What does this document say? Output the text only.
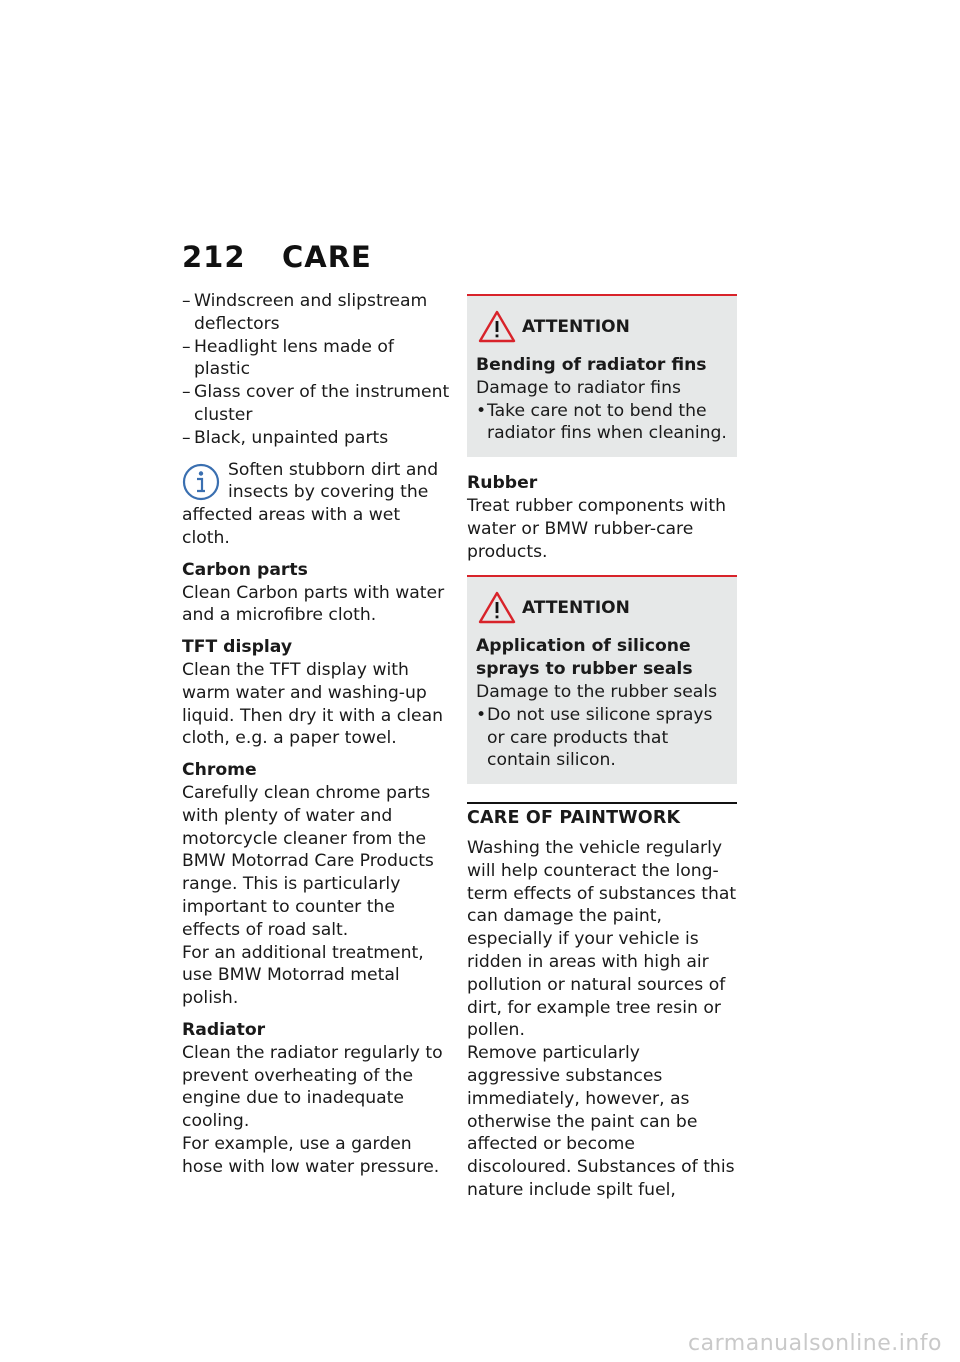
212 CARE
– Windscreen and slipstream deflectors
– Headlight lens made of plastic
– Glass cover of the instrument cluster
– Black, unpainted parts
Soften stubborn dirt and insects by covering the affected areas with a wet cloth.
Carbon parts
Clean Carbon parts with water and a microfibre cloth.
TFT display
Clean the TFT display with warm water and washing-up liquid. Then dry it with a clean cloth, e.g. a paper towel.
Chrome
Carefully clean chrome parts with plenty of water and motorcycle cleaner from the BMW Motorrad Care Products range. This is particularly important to counter the effects of road salt.
For an additional treatment, use BMW Motorrad metal polish.
Radiator
Clean the radiator regularly to prevent overheating of the engine due to inadequate cooling.
For example, use a garden hose with low water pressure.
ATTENTION
Bending of radiator fins
Damage to radiator fins
• Take care not to bend the radiator fins when cleaning.
Rubber
Treat rubber components with water or BMW rubber-care products.
ATTENTION
Application of silicone sprays to rubber seals
Damage to the rubber seals
• Do not use silicone sprays or care products that contain silicon.
CARE OF PAINTWORK
Washing the vehicle regularly will help counteract the long-term effects of substances that can damage the paint, especially if your vehicle is ridden in areas with high air pollution or natural sources of dirt, for example tree resin or pollen.
Remove particularly aggressive substances immediately, however, as otherwise the paint can be affected or become discoloured. Substances of this nature include spilt fuel,
carmanualsonline.info
